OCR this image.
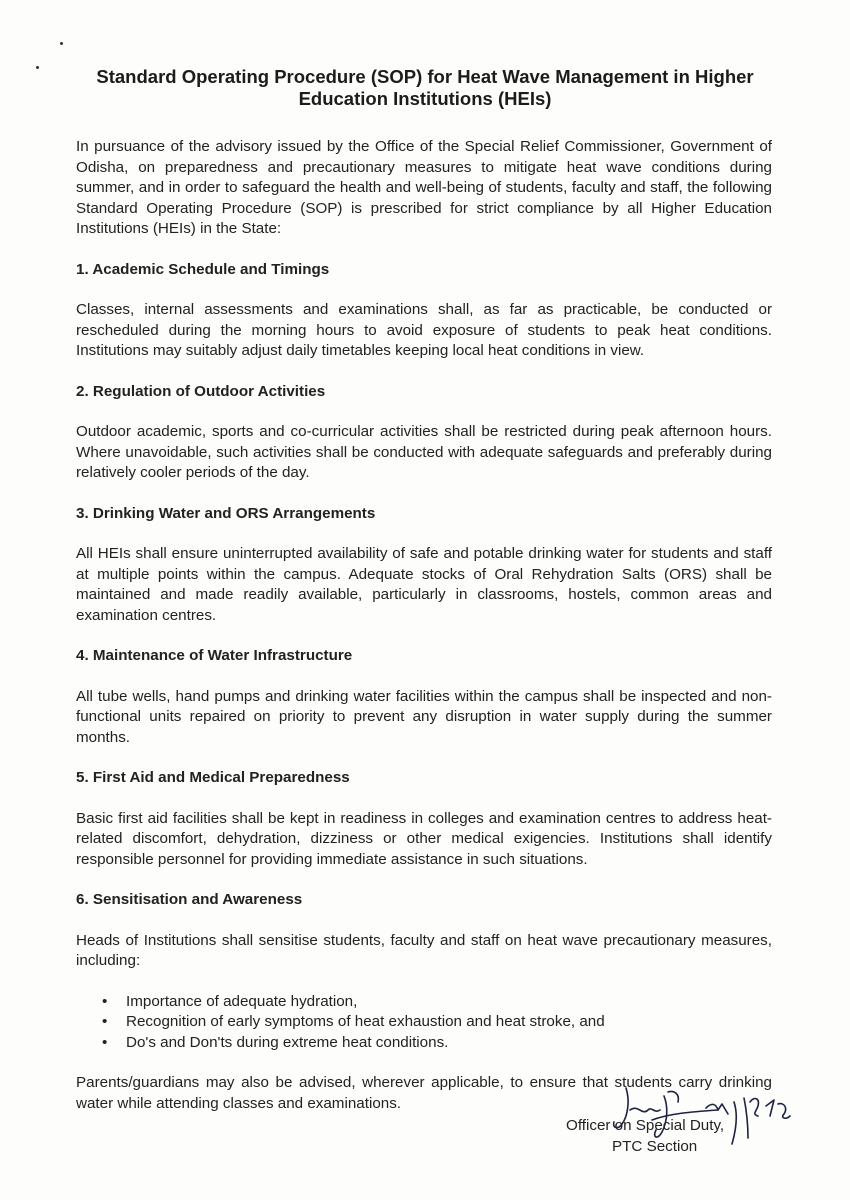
Standard Operating Procedure (SOP) for Heat Wave Management in Higher Education Institutions (HEIs)

In pursuance of the advisory issued by the Office of the Special Relief Commissioner, Government of Odisha, on preparedness and precautionary measures to mitigate heat wave conditions during summer, and in order to safeguard the health and well-being of students, faculty and staff, the following Standard Operating Procedure (SOP) is prescribed for strict compliance by all Higher Education Institutions (HEIs) in the State:

1. Academic Schedule and Timings

Classes, internal assessments and examinations shall, as far as practicable, be conducted or rescheduled during the morning hours to avoid exposure of students to peak heat conditions. Institutions may suitably adjust daily timetables keeping local heat conditions in view.

2. Regulation of Outdoor Activities

Outdoor academic, sports and co-curricular activities shall be restricted during peak afternoon hours. Where unavoidable, such activities shall be conducted with adequate safeguards and preferably during relatively cooler periods of the day.

3. Drinking Water and ORS Arrangements

All HEIs shall ensure uninterrupted availability of safe and potable drinking water for students and staff at multiple points within the campus. Adequate stocks of Oral Rehydration Salts (ORS) shall be maintained and made readily available, particularly in classrooms, hostels, common areas and examination centres.

4. Maintenance of Water Infrastructure

All tube wells, hand pumps and drinking water facilities within the campus shall be inspected and non-functional units repaired on priority to prevent any disruption in water supply during the summer months.

5. First Aid and Medical Preparedness

Basic first aid facilities shall be kept in readiness in colleges and examination centres to address heat-related discomfort, dehydration, dizziness or other medical exigencies. Institutions shall identify responsible personnel for providing immediate assistance in such situations.

6. Sensitisation and Awareness

Heads of Institutions shall sensitise students, faculty and staff on heat wave precautionary measures, including:

• Importance of adequate hydration,
• Recognition of early symptoms of heat exhaustion and heat stroke, and
• Do's and Don'ts during extreme heat conditions.

Parents/guardians may also be advised, wherever applicable, to ensure that students carry drinking water while attending classes and examinations.

Officer on Special Duty,
PTC Section
